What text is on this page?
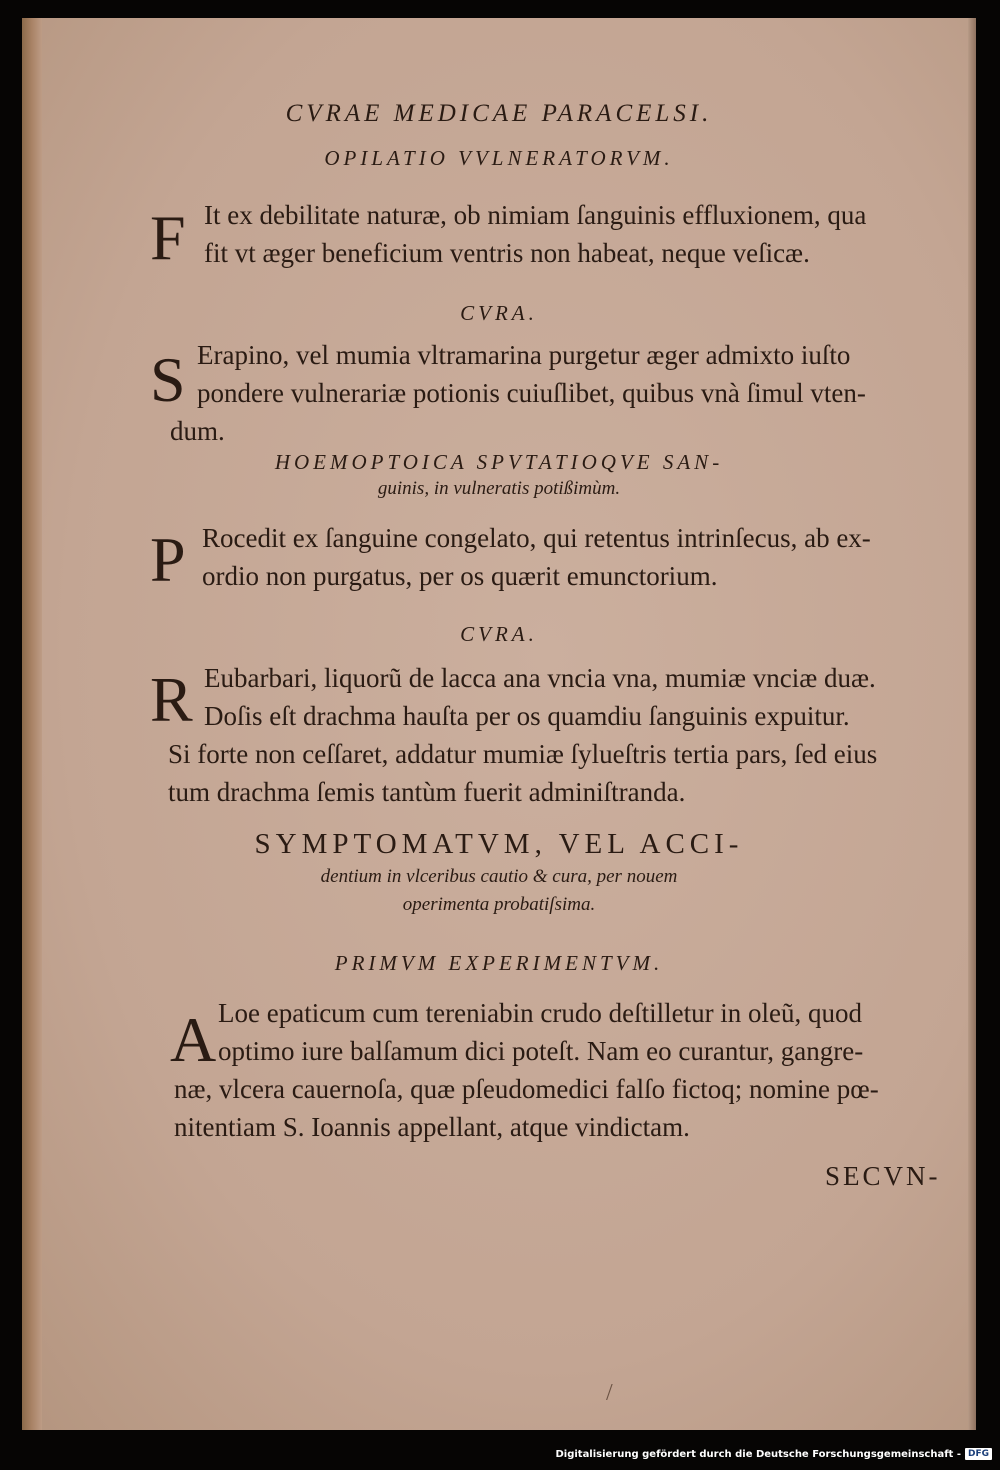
CVRAE MEDICAE PARACELSI.
OPILATIO VVLNERATORVM.
F It ex debilitate naturæ, ob nimiam ſanguinis effluxionem, qua
fit vt æger beneficium ventris non habeat, neque veſicæ.
CVRA.
S Erapino, vel mumia vltramarina purgetur æger admixto iuſto
pondere vulnerariæ potionis cuiuſlibet, quibus vnà ſimul vten-
dum.
HOEMOPTOICA SPVTATIOQVE SAN-
guinis, in vulneratis potißimùm.
P Rocedit ex ſanguine congelato, qui retentus intrinſecus, ab ex-
ordio non purgatus, per os quærit emunctorium.
CVRA.
R Eubarbari, liquorũ de lacca ana vncia vna, mumiæ vnciæ duæ.
Doſis eſt drachma hauſta per os quamdiu ſanguinis expuitur.
Si forte non ceſſaret, addatur mumiæ ſylueſtris tertia pars, ſed eius
tum drachma ſemis tantùm fuerit adminiſtranda.
SYMPTOMATVM, VEL ACCI-
dentium in vlceribus cautio & cura, per nouem
operimenta probatiſsima.
PRIMVM EXPERIMENTVM.
A Loe epaticum cum tereniabin crudo deſtilletur in oleũ, quod
optimo iure balſamum dici poteſt. Nam eo curantur, gangre-
næ, vlcera cauernoſa, quæ pſeudomedici falſo fictoq; nomine pœ-
nitentiam S. Ioannis appellant, atque vindictam.
SECVN-
/
Digitalisierung gefördert durch die Deutsche Forschungsgemeinschaft - DFG
